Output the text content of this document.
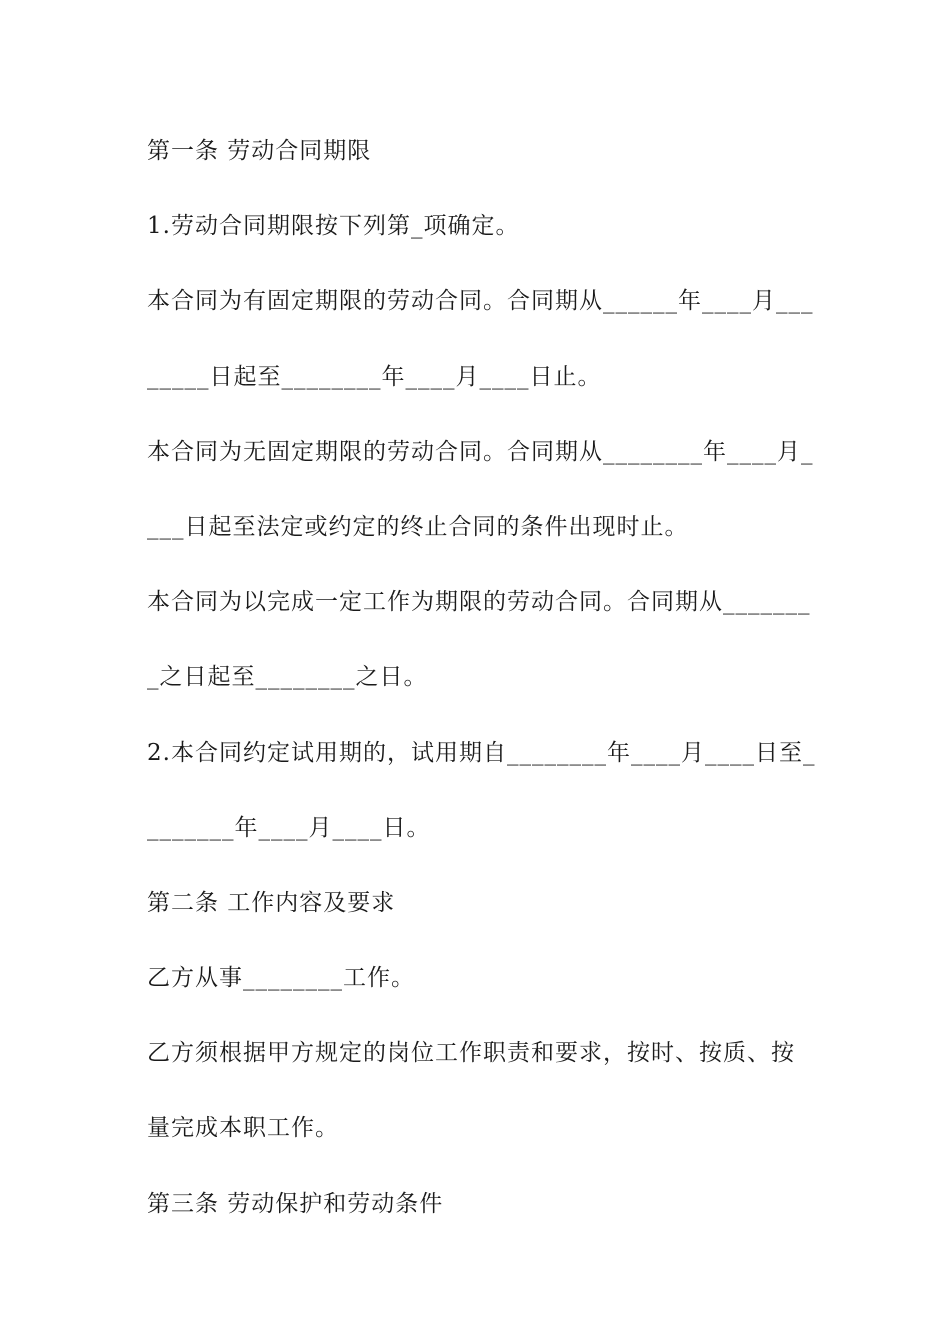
第一条 劳动合同期限
1.劳动合同期限按下列第_项确定。
本合同为有固定期限的劳动合同。合同期从______年____月___
_____日起至________年____月____日止。
本合同为无固定期限的劳动合同。合同期从________年____月_
___日起至法定或约定的终止合同的条件出现时止。
本合同为以完成一定工作为期限的劳动合同。合同期从_______
_之日起至________之日。
2.本合同约定试用期的，试用期自________年____月____日至_
_______年____月____日。
第二条 工作内容及要求
乙方从事________工作。
乙方须根据甲方规定的岗位工作职责和要求，按时、按质、按
量完成本职工作。
第三条 劳动保护和劳动条件
